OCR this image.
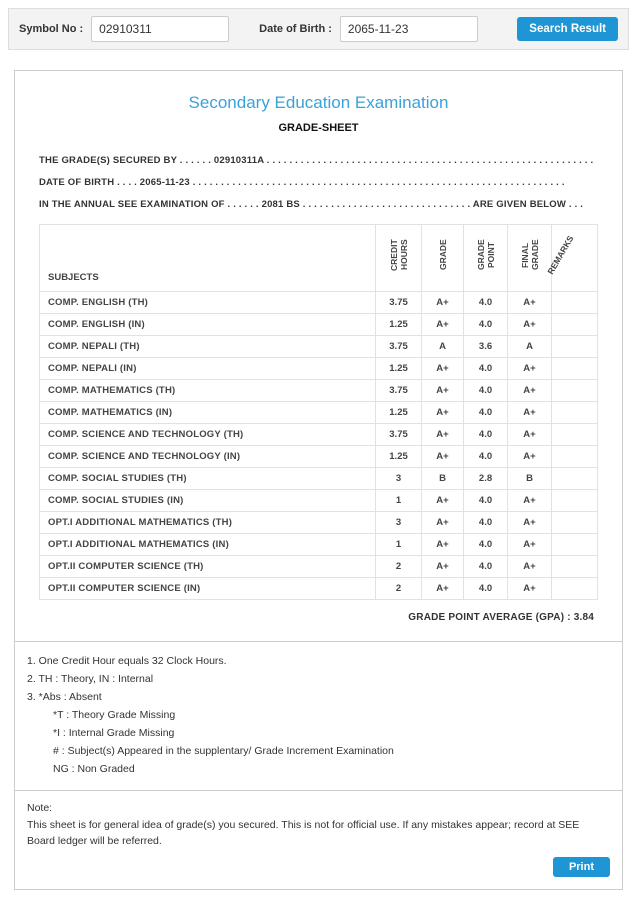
Symbol No :
02910311	Date of Birth :
2065-11-23	Search Result
Secondary Education Examination
GRADE-SHEET
THE GRADE(S) SECURED BY . . . . . . 02910311A . . . . . . . . . . . . . . . . . . . . . . . . . . . . . . . . . . . . . . . . . . . . . . . . . . . . . . . . . .
DATE OF BIRTH . . . . 2065-11-23 . . . . . . . . . . . . . . . . . . . . . . . . . . . . . . . . . . . . . . . . . . . . . . . . . . . . . . . . . . . . . . . . . .
IN THE ANNUAL SEE EXAMINATION OF . . . . . . 2081 BS . . . . . . . . . . . . . . . . . . . . . . . . . . . . . . ARE GIVEN BELOW . . .
SUBJECTS	CREDIT HOURS	GRADE	GRADE POINT	FINAL GRADE	REMARKS
COMP. ENGLISH (TH)	3.75	A+	4.0	A+	
COMP. ENGLISH (IN)	1.25	A+	4.0	A+	
COMP. NEPALI (TH)	3.75	A	3.6	A	
COMP. NEPALI (IN)	1.25	A+	4.0	A+	
COMP. MATHEMATICS (TH)	3.75	A+	4.0	A+	
COMP. MATHEMATICS (IN)	1.25	A+	4.0	A+	
COMP. SCIENCE AND TECHNOLOGY (TH)	3.75	A+	4.0	A+	
COMP. SCIENCE AND TECHNOLOGY (IN)	1.25	A+	4.0	A+	
COMP. SOCIAL STUDIES (TH)	3	B	2.8	B	
COMP. SOCIAL STUDIES (IN)	1	A+	4.0	A+	
OPT.I ADDITIONAL MATHEMATICS (TH)	3	A+	4.0	A+	
OPT.I ADDITIONAL MATHEMATICS (IN)	1	A+	4.0	A+	
OPT.II COMPUTER SCIENCE (TH)	2	A+	4.0	A+	
OPT.II COMPUTER SCIENCE (IN)	2	A+	4.0	A+	
GRADE POINT AVERAGE (GPA) : 3.84
1. One Credit Hour equals 32 Clock Hours.
2. TH : Theory, IN : Internal
3. *Abs : Absent
*T : Theory Grade Missing
*I : Internal Grade Missing
# : Subject(s) Appeared in the supplentary/ Grade Increment Examination
NG : Non Graded
Note:
This sheet is for general idea of grade(s) you secured. This is not for official use. If any mistakes appear; record at SEE Board ledger will be referred.
Print
